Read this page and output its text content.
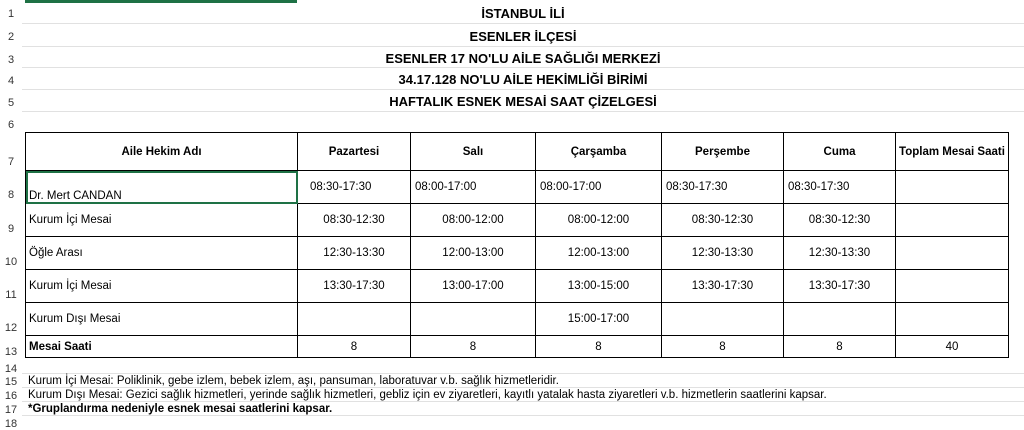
1
2
3
4
5
6
7
8
9
10
11
12
13
14
15
16
17
18
İSTANBUL İLİ
ESENLER İLÇESİ
ESENLER 17 NO'LU AİLE SAĞLIĞI MERKEZİ
34.17.128 NO'LU AİLE HEKİMLİĞİ BİRİMİ
HAFTALIK ESNEK MESAİ SAAT ÇİZELGESİ
Aile Hekim Adı	Pazartesi	Salı	Çarşamba	Perşembe	Cuma	Toplam Mesai Saati
Dr. Mert CANDAN	08:30-17:30	08:00-17:00	08:00-17:00	08:30-17:30	08:30-17:30	
Kurum İçi Mesai	08:30-12:30	08:00-12:00	08:00-12:00	08:30-12:30	08:30-12:30	
Öğle Arası	12:30-13:30	12:00-13:00	12:00-13:00	12:30-13:30	12:30-13:30	
Kurum İçi Mesai	13:30-17:30	13:00-17:00	13:00-15:00	13:30-17:30	13:30-17:30	
Kurum Dışı Mesai			15:00-17:00			
Mesai Saati	8	8	8	8	8	40
Kurum İçi Mesai: Poliklinik, gebe izlem, bebek izlem, aşı, pansuman, laboratuvar v.b. sağlık hizmetleridir.
Kurum Dışı Mesai: Gezici sağlık hizmetleri, yerinde sağlık hizmetleri, gebliz için ev ziyaretleri, kayıtlı yatalak hasta ziyaretleri v.b. hizmetlerin saatlerini kapsar.
*Gruplandırma nedeniyle esnek mesai saatlerini kapsar.
